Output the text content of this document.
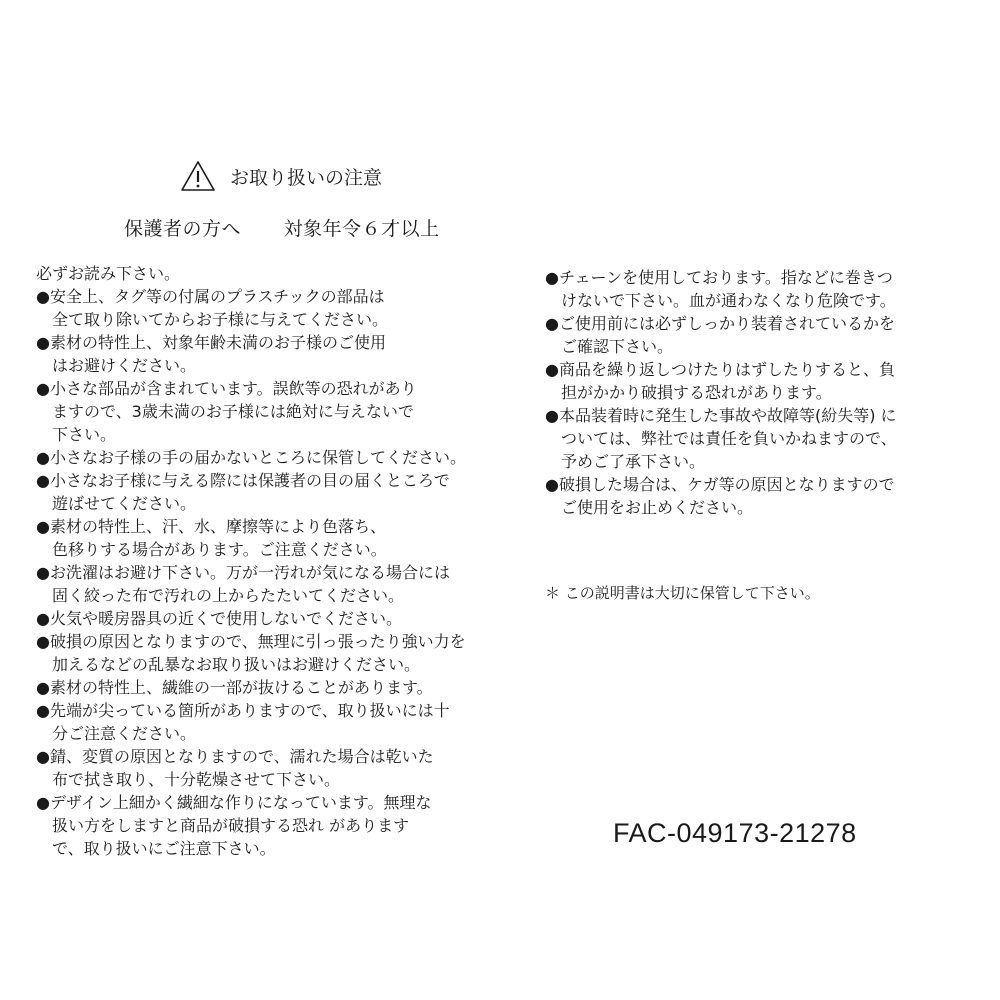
お取り扱いの注意
保護者の方へ 対象年令６才以上
必ずお読み下さい。
●安全上、タグ等の付属のプラスチックの部品は
全て取り除いてからお子様に与えてください。
●素材の特性上、対象年齢未満のお子様のご使用
はお避けください。
●小さな部品が含まれています。誤飲等の恐れがあり
ますので、3歳未満のお子様には絶対に与えないで
下さい。
●小さなお子様の手の届かないところに保管してください。
●小さなお子様に与える際には保護者の目の届くところで
遊ばせてください。
●素材の特性上、汗、水、摩擦等により色落ち、
色移りする場合があります。ご注意ください。
●お洗濯はお避け下さい。万が一汚れが気になる場合には
固く絞った布で汚れの上からたたいてください。
●火気や暖房器具の近くで使用しないでください。
●破損の原因となりますので、無理に引っ張ったり強い力を
加えるなどの乱暴なお取り扱いはお避けください。
●素材の特性上、繊維の一部が抜けることがあります。
●先端が尖っている箇所がありますので、取り扱いには十
分ご注意ください。
●錆、変質の原因となりますので、濡れた場合は乾いた
布で拭き取り、十分乾燥させて下さい。
●デザイン上細かく繊細な作りになっています。無理な
扱い方をしますと商品が破損する恐れ があります
で、取り扱いにご注意下さい。
●チェーンを使用しております。指などに巻きつ
けないで下さい。血が通わなくなり危険です。
●ご使用前には必ずしっかり装着されているかを
ご確認下さい。
●商品を繰り返しつけたりはずしたりすると、負
担がかかり破損する恐れがあります。
●本品装着時に発生した事故や故障等(紛失等) に
ついては、弊社では責任を負いかねますので、
予めご了承下さい。
●破損した場合は、ケガ等の原因となりますので
ご使用をお止めください。
＊ この説明書は大切に保管して下さい。
FAC-049173-21278
